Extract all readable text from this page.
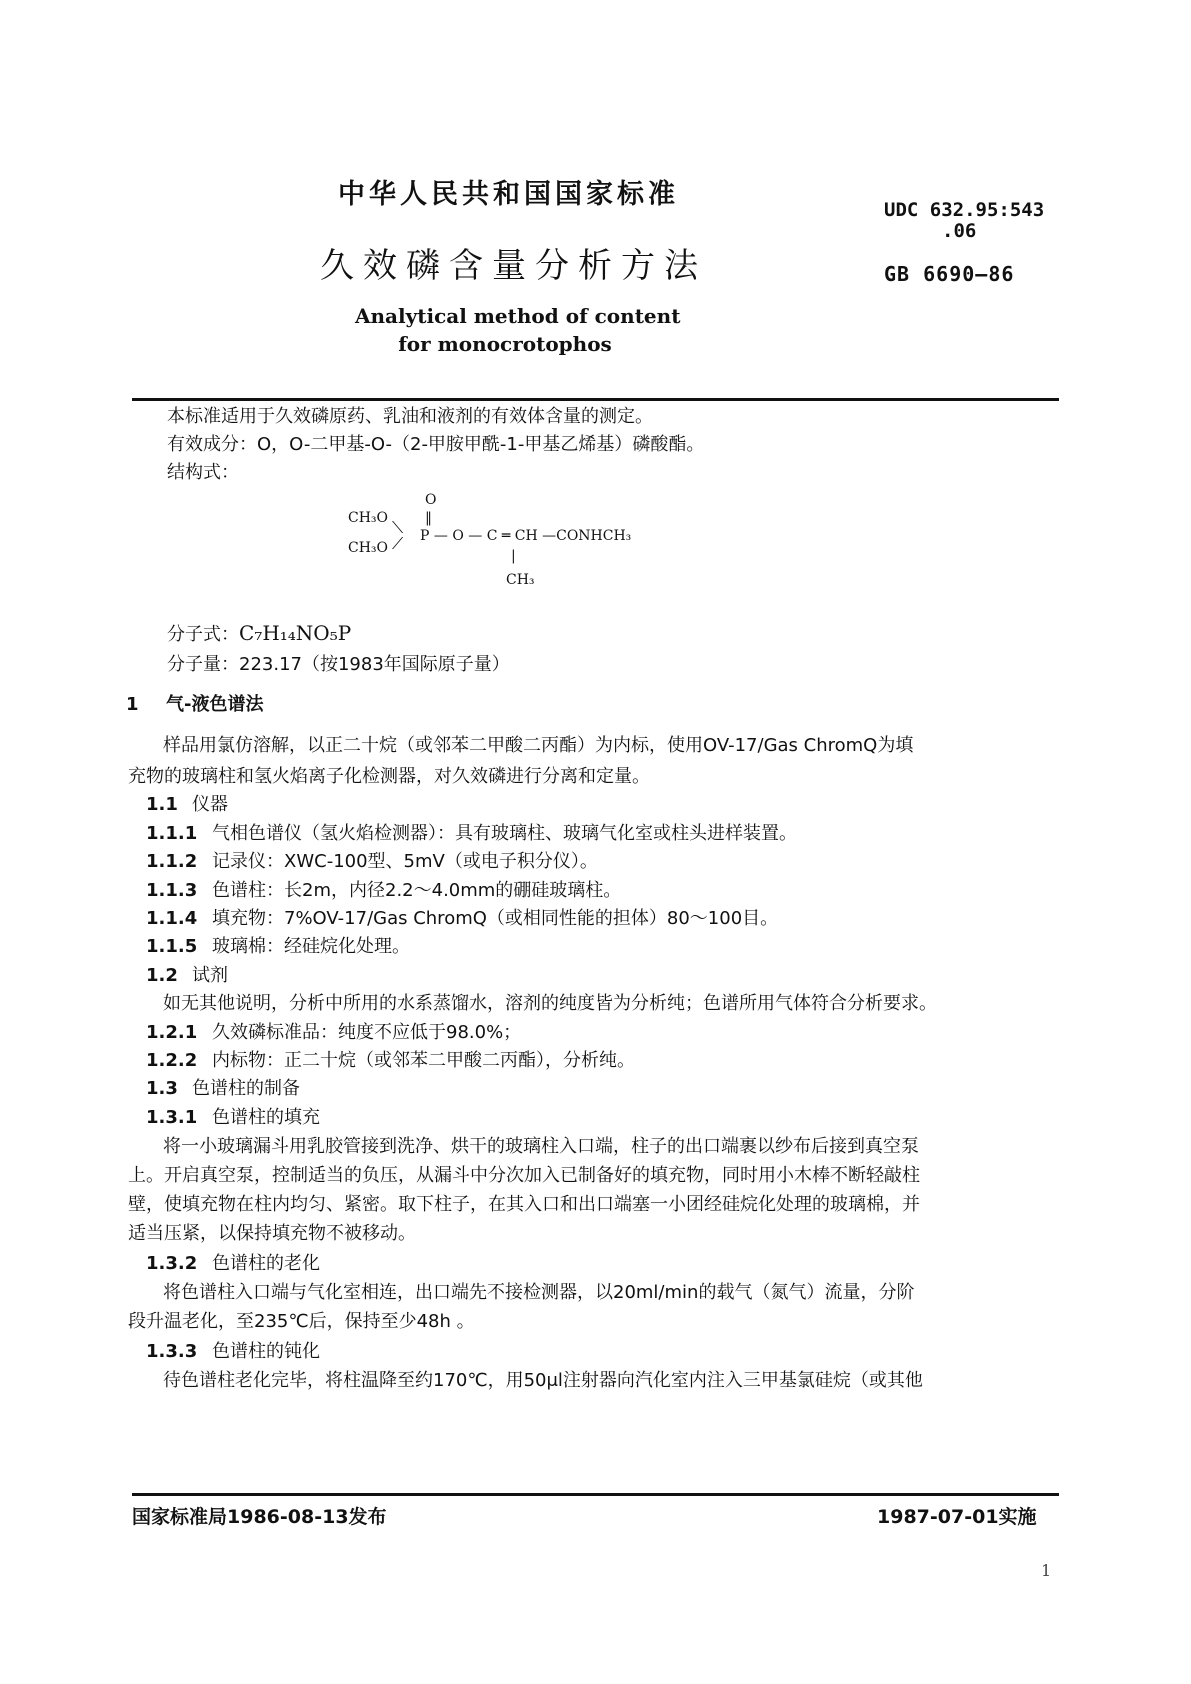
中华人民共和国国家标准
久效磷含量分析方法
Analytical method of content
for monocrotophos
UDC 632.95:543
.06
GB 6690—86
本标准适用于久效磷原药、乳油和液剂的有效体含量的测定。
有效成分：O，O-二甲基-O-（2-甲胺甲酰-1-甲基乙烯基）磷酸酯。
结构式：
O
‖
CH₃O
CH₃O
⟍
⟋ P — O — C ═ CH —CONHCH₃
|
CH₃
分子式：C₇H₁₄NO₅P
分子量：223.17（按1983年国际原子量）
1 气-液色谱法
样品用氯仿溶解，以正二十烷（或邻苯二甲酸二丙酯）为内标，使用OV-17/Gas ChromQ为填
充物的玻璃柱和氢火焰离子化检测器，对久效磷进行分离和定量。
1.1 仪器
1.1.1 气相色谱仪（氢火焰检测器）：具有玻璃柱、玻璃气化室或柱头进样装置。
1.1.2 记录仪：XWC-100型、5mV（或电子积分仪）。
1.1.3 色谱柱：长2m，内径2.2～4.0mm的硼硅玻璃柱。
1.1.4 填充物：7%OV-17/Gas ChromQ（或相同性能的担体）80～100目。
1.1.5 玻璃棉：经硅烷化处理。
1.2 试剂
如无其他说明，分析中所用的水系蒸馏水，溶剂的纯度皆为分析纯；色谱所用气体符合分析要求。
1.2.1 久效磷标准品：纯度不应低于98.0%；
1.2.2 内标物：正二十烷（或邻苯二甲酸二丙酯），分析纯。
1.3 色谱柱的制备
1.3.1 色谱柱的填充
将一小玻璃漏斗用乳胶管接到洗净、烘干的玻璃柱入口端，柱子的出口端裹以纱布后接到真空泵
上。开启真空泵，控制适当的负压，从漏斗中分次加入已制备好的填充物，同时用小木棒不断轻敲柱
壁，使填充物在柱内均匀、紧密。取下柱子，在其入口和出口端塞一小团经硅烷化处理的玻璃棉，并
适当压紧，以保持填充物不被移动。
1.3.2 色谱柱的老化
将色谱柱入口端与气化室相连，出口端先不接检测器，以20ml/min的载气（氮气）流量，分阶
段升温老化，至235℃后，保持至少48h 。
1.3.3 色谱柱的钝化
待色谱柱老化完毕，将柱温降至约170℃，用50μl注射器向汽化室内注入三甲基氯硅烷（或其他
国家标准局1986-08-13发布	1987-07-01实施
1
